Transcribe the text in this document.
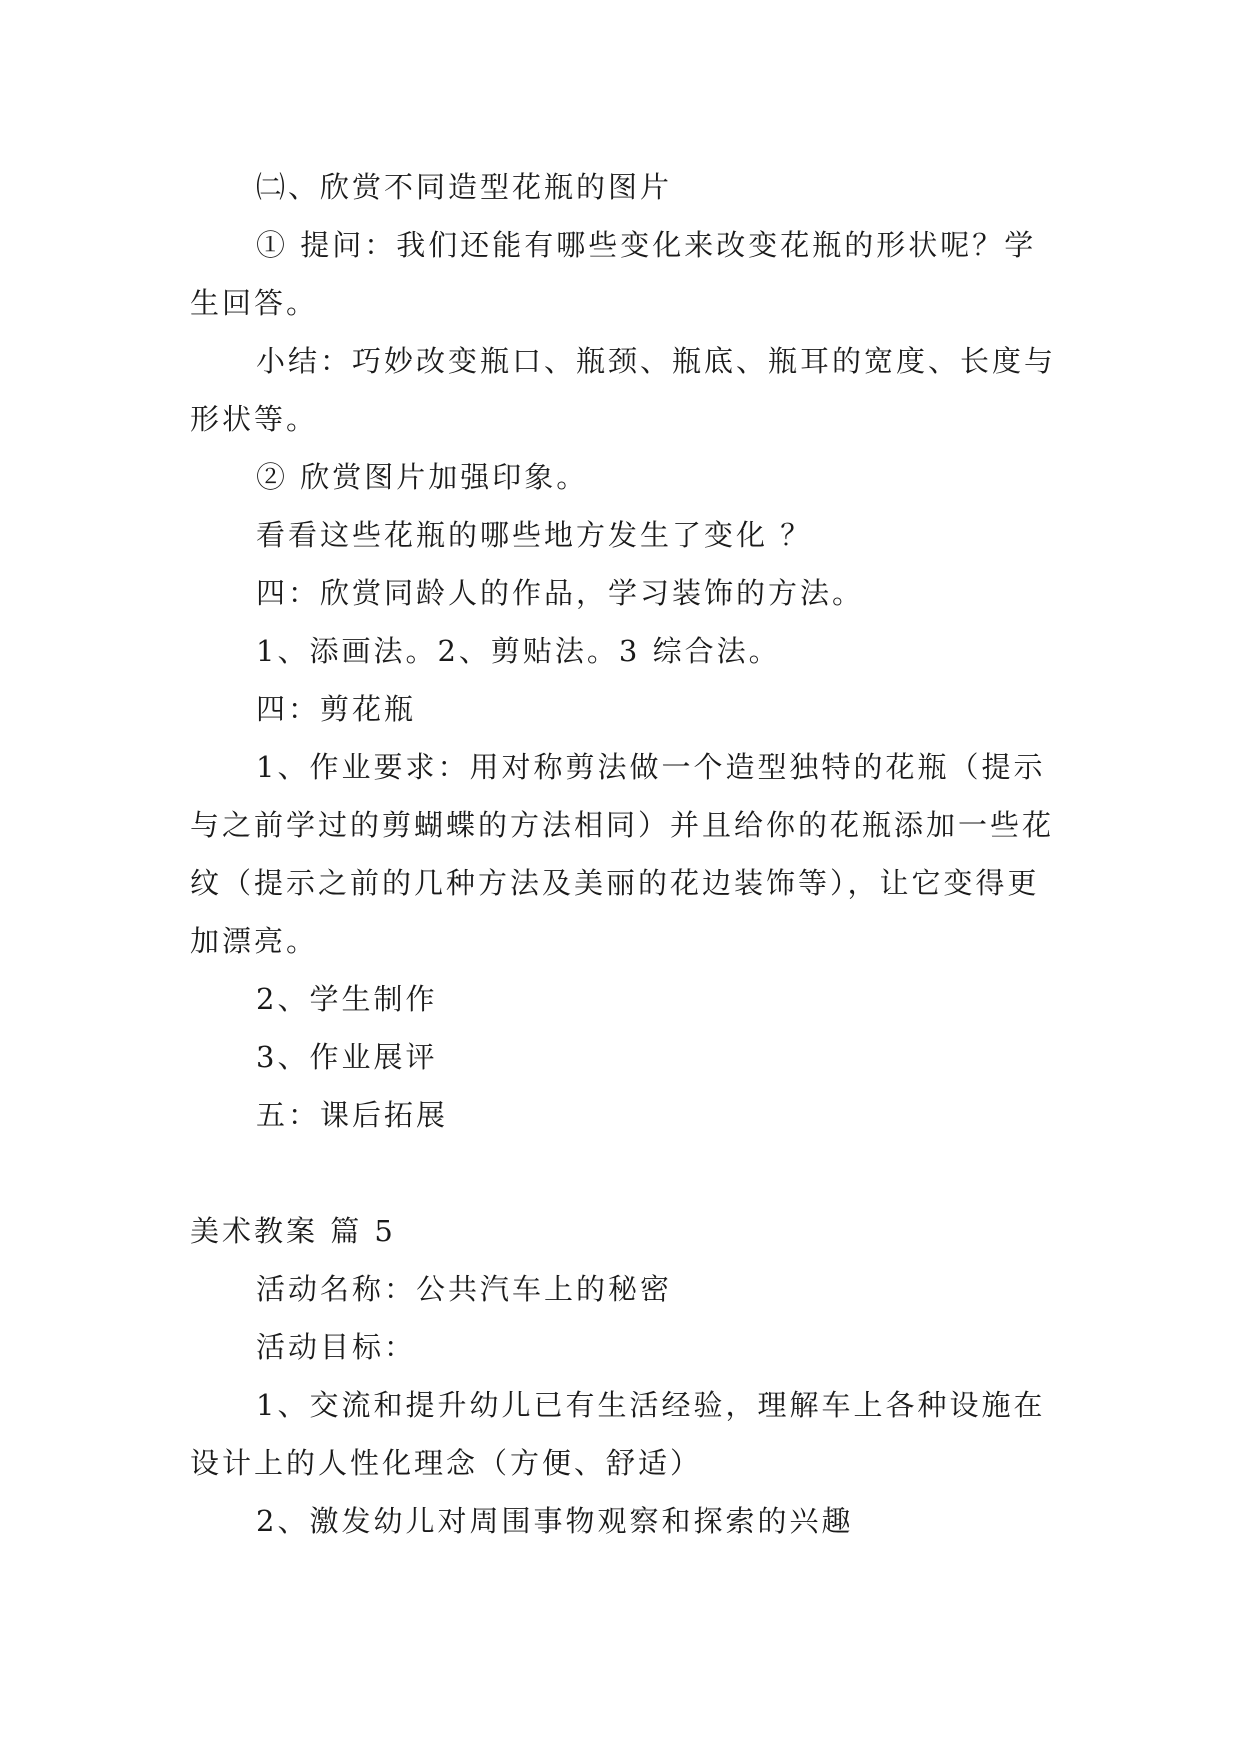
㈡、欣赏不同造型花瓶的图片

① 提问：我们还能有哪些变化来改变花瓶的形状呢？学生回答。

小结：巧妙改变瓶口、瓶颈、瓶底、瓶耳的宽度、长度与形状等。

② 欣赏图片加强印象。

看看这些花瓶的哪些地方发生了变化 ？

四：欣赏同龄人的作品，学习装饰的方法。

1、添画法。2、剪贴法。3 综合法。

四：剪花瓶

1、作业要求：用对称剪法做一个造型独特的花瓶（提示与之前学过的剪蝴蝶的方法相同）并且给你的花瓶添加一些花纹（提示之前的几种方法及美丽的花边装饰等），让它变得更加漂亮。

2、学生制作

3、作业展评

五：课后拓展

美术教案 篇 5

活动名称：公共汽车上的秘密

活动目标：

1、交流和提升幼儿已有生活经验，理解车上各种设施在设计上的人性化理念（方便、舒适）

2、激发幼儿对周围事物观察和探索的兴趣
